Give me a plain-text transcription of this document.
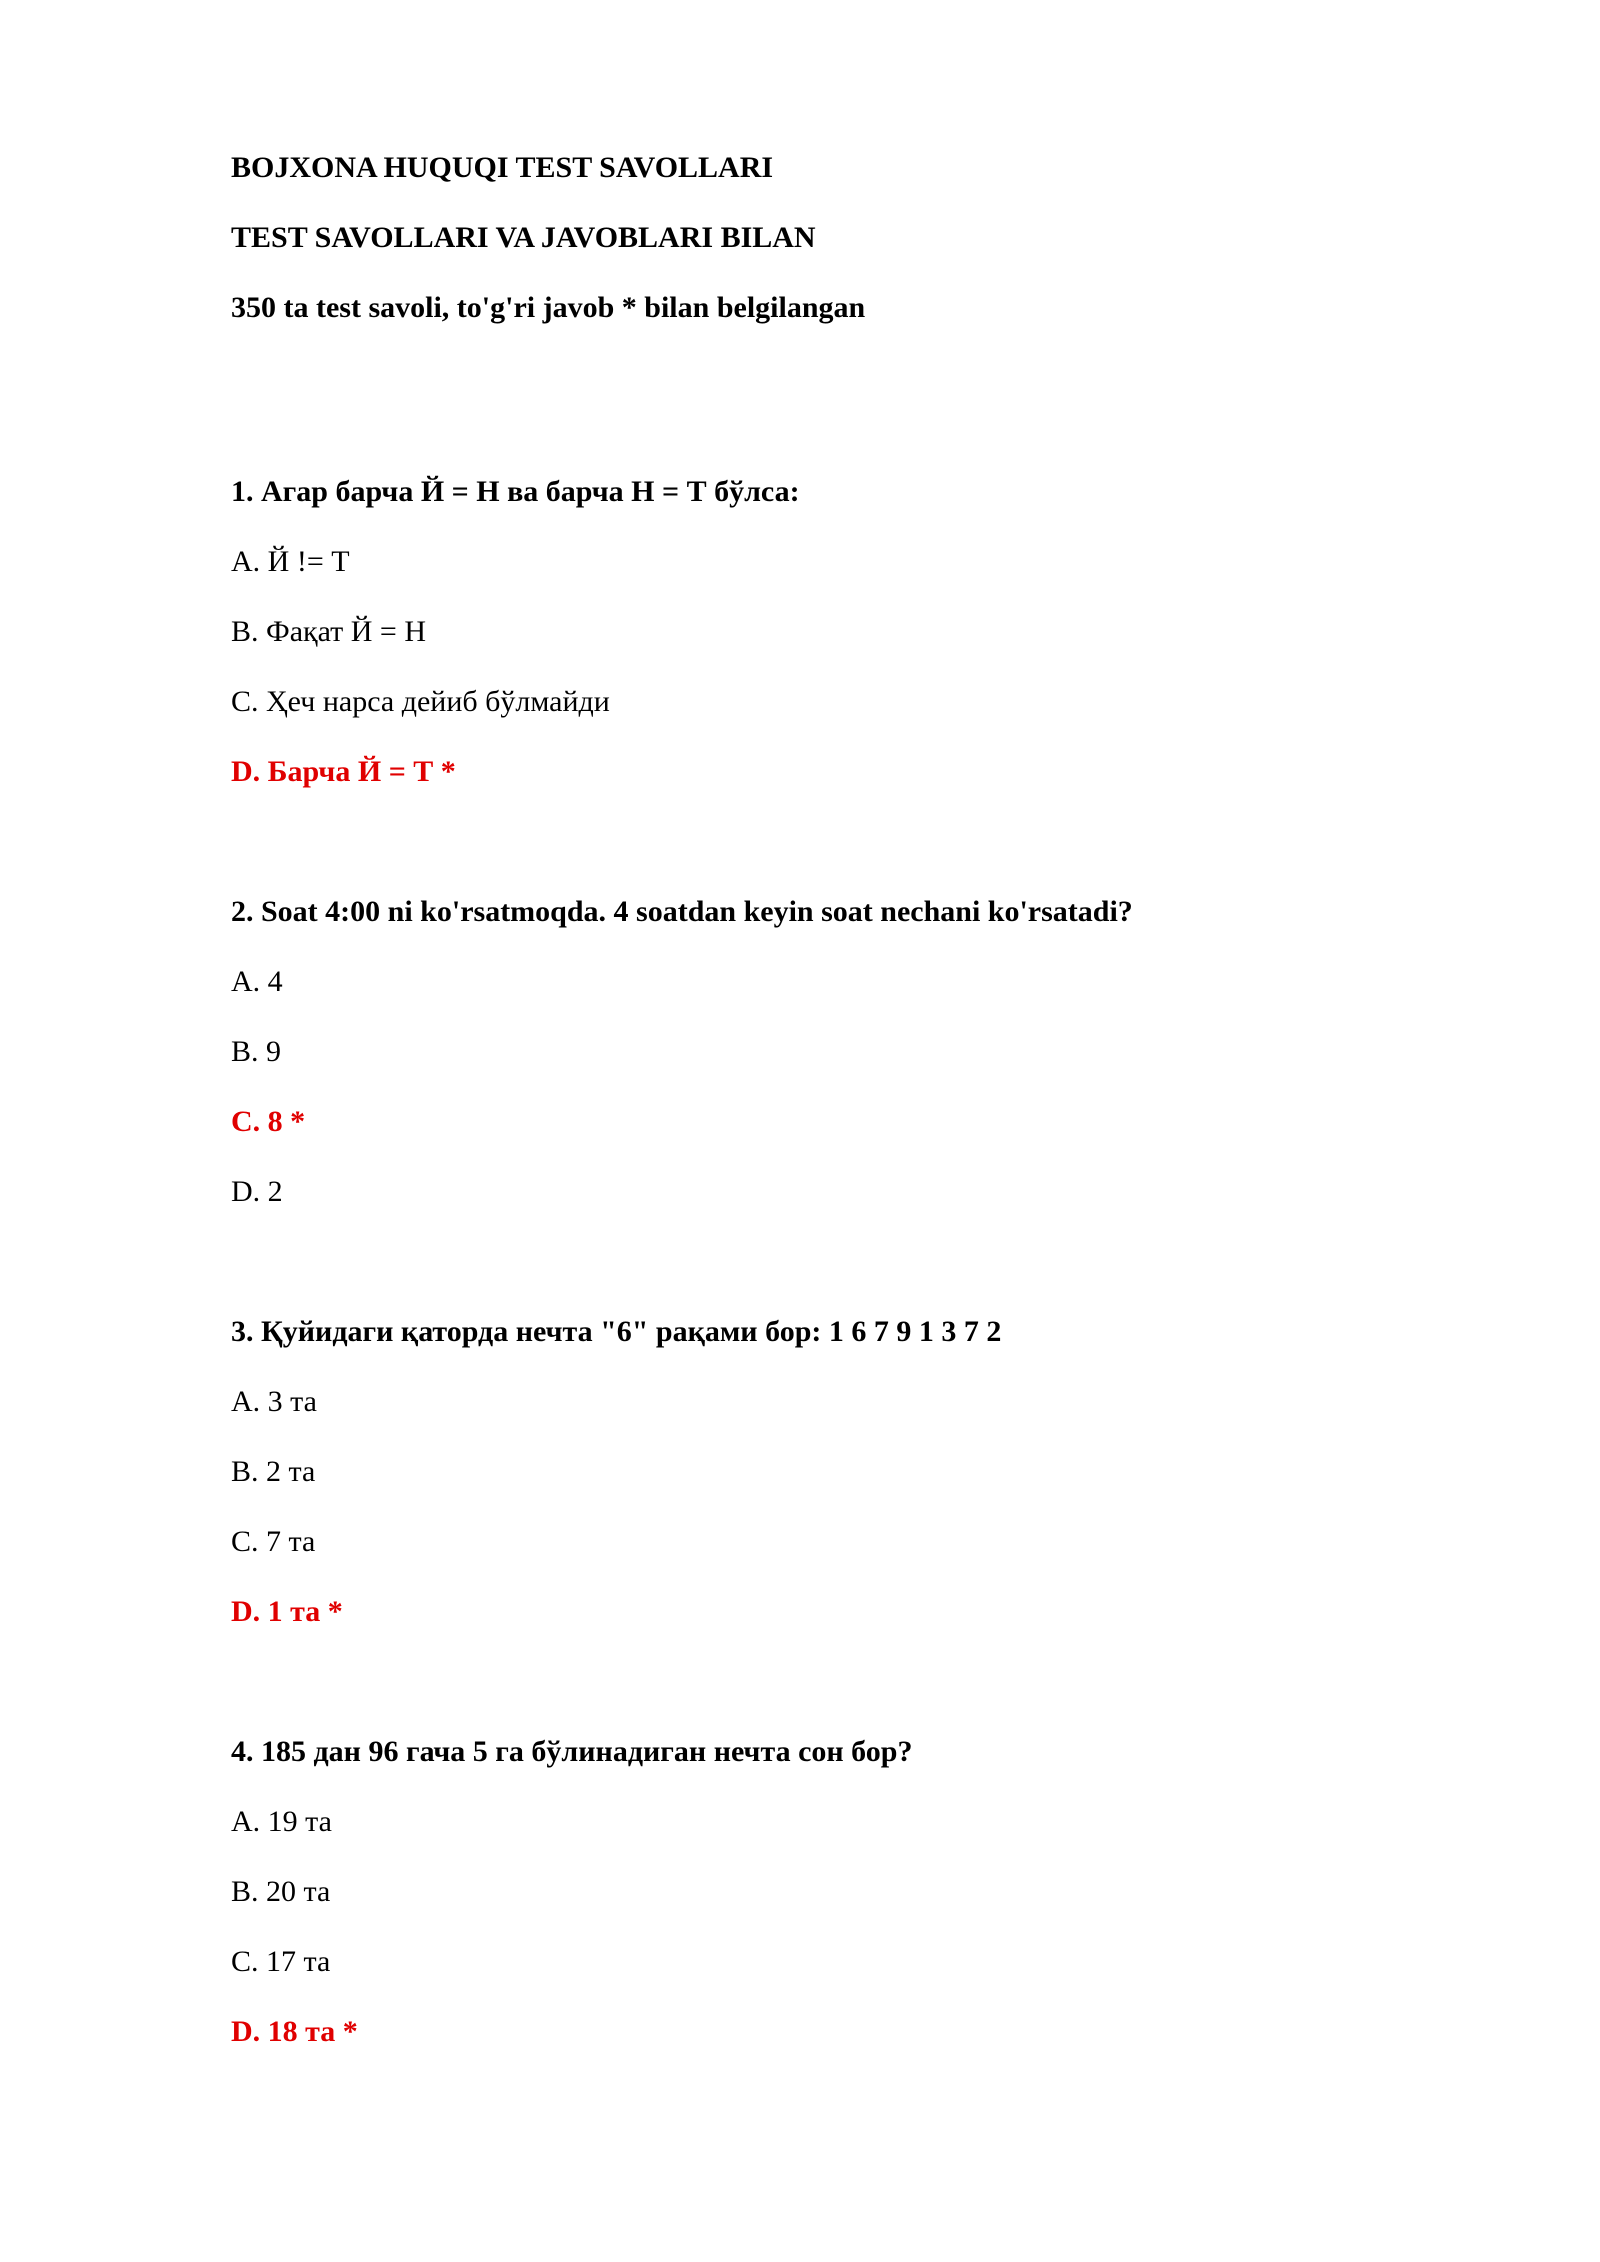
BOJXONA HUQUQI TEST SAVOLLARI

TEST SAVOLLARI VA JAVOBLARI BILAN

350 ta test savoli, to'g'ri javob * bilan belgilangan

1. Агар барча Й = Н ва барча Н = Т бўлса:

A. Й != Т

B. Фақат Й = Н

C. Ҳеч нарса дейиб бўлмайди

D. Барча Й = Т *

2. Soat 4:00 ni ko'rsatmoqda. 4 soatdan keyin soat nechani ko'rsatadi?

A. 4

B. 9

C. 8 *

D. 2

3. Қуйидаги қаторда нечта "6" рақами бор: 1 6 7 9 1 3 7 2

A. 3 та

B. 2 та

C. 7 та

D. 1 та *

4. 185 дан 96 гача 5 га бўлинадиган нечта сон бор?

A. 19 та

B. 20 та

C. 17 та

D. 18 та *
